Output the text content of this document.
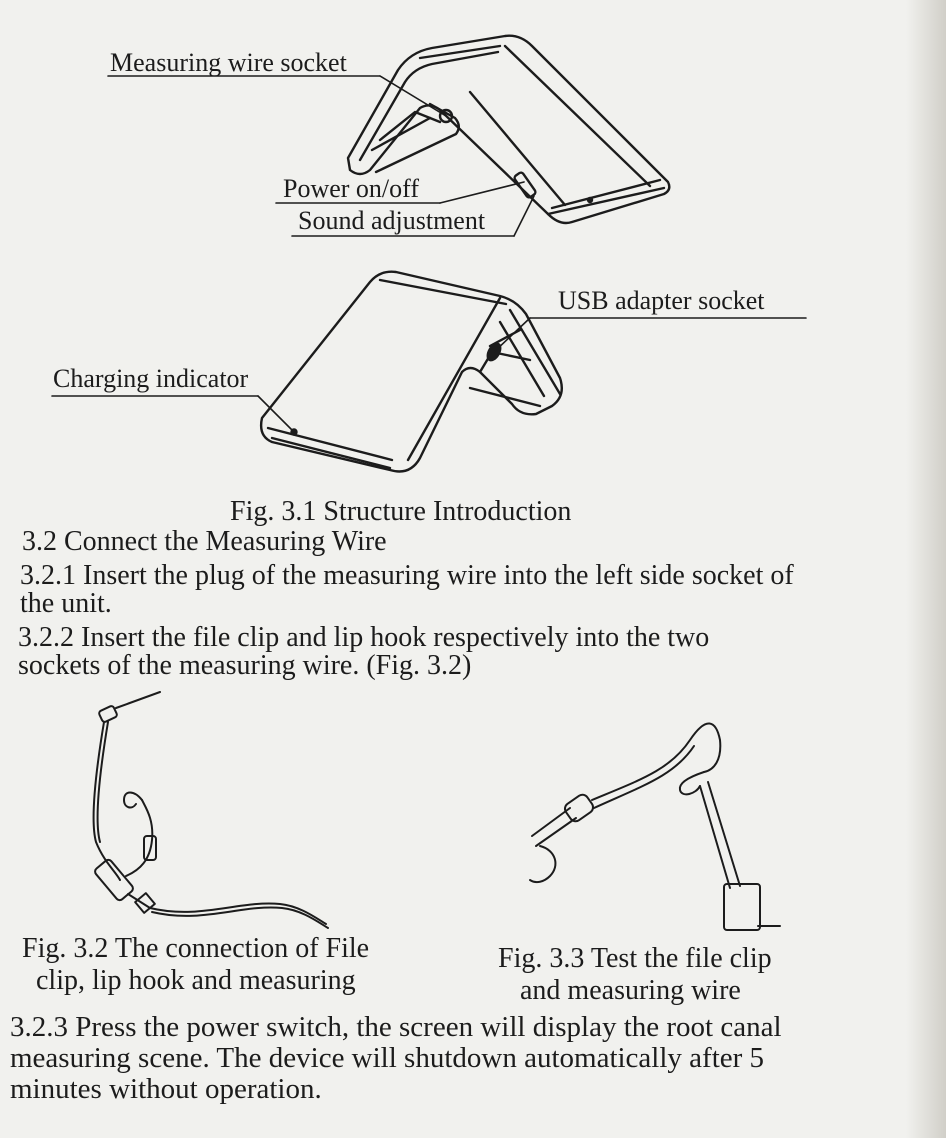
Measuring wire socket
Power on/off
Sound adjustment
USB adapter socket
Charging indicator
Fig. 3.1 Structure Introduction
3.2 Connect the Measuring Wire
3.2.1 Insert the plug of the measuring wire into the left side socket of
the unit.
3.2.2 Insert the file clip and lip hook respectively into the two
sockets of the measuring wire. (Fig. 3.2)
Fig. 3.2 The connection of File
clip, lip hook and measuring
Fig. 3.3 Test the file clip
and measuring wire
3.2.3 Press the power switch, the screen will display the root canal
measuring scene. The device will shutdown automatically after 5
minutes without operation.
